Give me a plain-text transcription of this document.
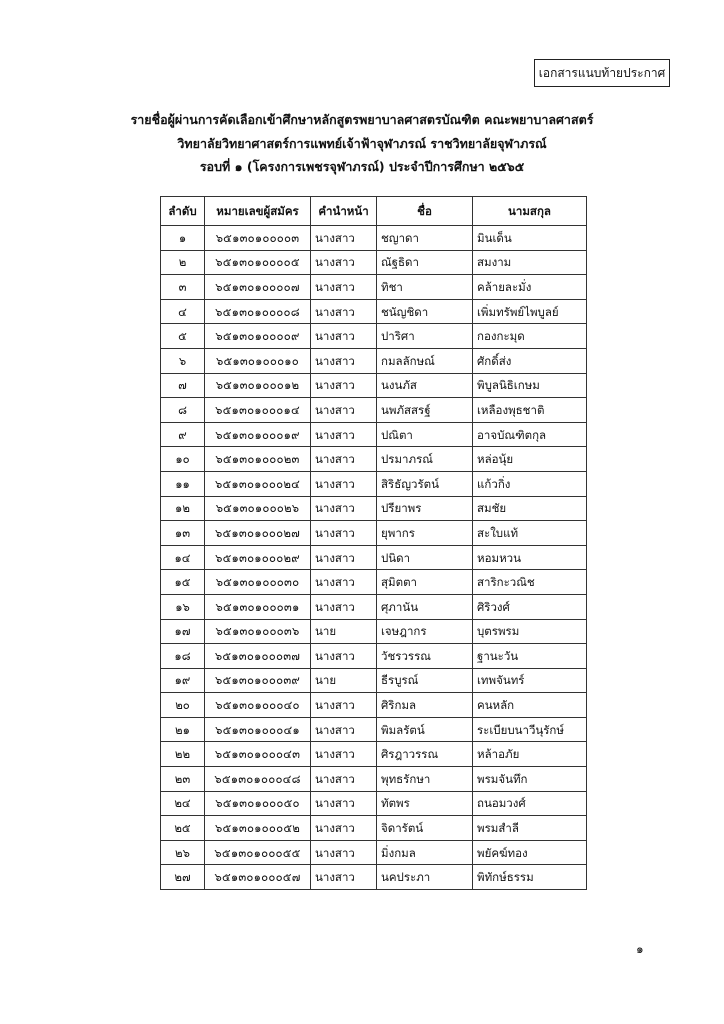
เอกสารแนบท้ายประกาศ
รายชื่อผู้ผ่านการคัดเลือกเข้าศึกษาหลักสูตรพยาบาลศาสตรบัณฑิต คณะพยาบาลศาสตร์
วิทยาลัยวิทยาศาสตร์การแพทย์เจ้าฟ้าจุฬาภรณ์ ราชวิทยาลัยจุฬาภรณ์
รอบที่ ๑ (โครงการเพชรจุฬาภรณ์) ประจำปีการศึกษา ๒๕๖๕
ลำดับ	หมายเลขผู้สมัคร	คำนำหน้า	ชื่อ	นามสกุล
๑	๖๕๑๓๐๑๐๐๐๐๓	นางสาว	ชญาดา	มินเด็น
๒	๖๕๑๓๐๑๐๐๐๐๕	นางสาว	ณัฐธิดา	สมงาม
๓	๖๕๑๓๐๑๐๐๐๐๗	นางสาว	ทิชา	คล้ายละมั่ง
๔	๖๕๑๓๐๑๐๐๐๐๘	นางสาว	ชนัญชิดา	เพิ่มทรัพย์ไพบูลย์
๕	๖๕๑๓๐๑๐๐๐๐๙	นางสาว	ปาริศา	กองกะมุด
๖	๖๕๑๓๐๑๐๐๐๑๐	นางสาว	กมลลักษณ์	ศักดิ์ส่ง
๗	๖๕๑๓๐๑๐๐๐๑๒	นางสาว	นงนภัส	พิบูลนิธิเกษม
๘	๖๕๑๓๐๑๐๐๐๑๔	นางสาว	นพภัสสรฐ์	เหลืองพุธชาติ
๙	๖๕๑๓๐๑๐๐๐๑๙	นางสาว	ปณิตา	อาจบัณฑิตกุล
๑๐	๖๕๑๓๐๑๐๐๐๒๓	นางสาว	ปรมาภรณ์	หล่อนุ้ย
๑๑	๖๕๑๓๐๑๐๐๐๒๔	นางสาว	สิริธัญวรัตน์	แก้วกิ่ง
๑๒	๖๕๑๓๐๑๐๐๐๒๖	นางสาว	ปรียาพร	สมชัย
๑๓	๖๕๑๓๐๑๐๐๐๒๗	นางสาว	ยุพากร	สะใบแท้
๑๔	๖๕๑๓๐๑๐๐๐๒๙	นางสาว	ปนิดา	หอมหวน
๑๕	๖๕๑๓๐๑๐๐๐๓๐	นางสาว	สุมิตตา	สาริกะวณิช
๑๖	๖๕๑๓๐๑๐๐๐๓๑	นางสาว	ศุภานัน	ศิริวงศ์
๑๗	๖๕๑๓๐๑๐๐๐๓๖	นาย	เจษฎากร	บุตรพรม
๑๘	๖๕๑๓๐๑๐๐๐๓๗	นางสาว	วัชรวรรณ	ฐานะวัน
๑๙	๖๕๑๓๐๑๐๐๐๓๙	นาย	ธีรบูรณ์	เทพจันทร์
๒๐	๖๕๑๓๐๑๐๐๐๔๐	นางสาว	ศิริกมล	คนหลัก
๒๑	๖๕๑๓๐๑๐๐๐๔๑	นางสาว	พิมลรัตน์	ระเบียบนาวีนุรักษ์
๒๒	๖๕๑๓๐๑๐๐๐๔๓	นางสาว	ศิรฎาวรรณ	หล้าอภัย
๒๓	๖๕๑๓๐๑๐๐๐๔๘	นางสาว	พุทธรักษา	พรมจันทึก
๒๔	๖๕๑๓๐๑๐๐๐๕๐	นางสาว	ทัตพร	ถนอมวงศ์
๒๕	๖๕๑๓๐๑๐๐๐๕๒	นางสาว	จิดารัตน์	พรมสำลี
๒๖	๖๕๑๓๐๑๐๐๐๕๕	นางสาว	มิ่งกมล	พยัคฆ์ทอง
๒๗	๖๕๑๓๐๑๐๐๐๕๗	นางสาว	นคประภา	พิทักษ์ธรรม
๑
